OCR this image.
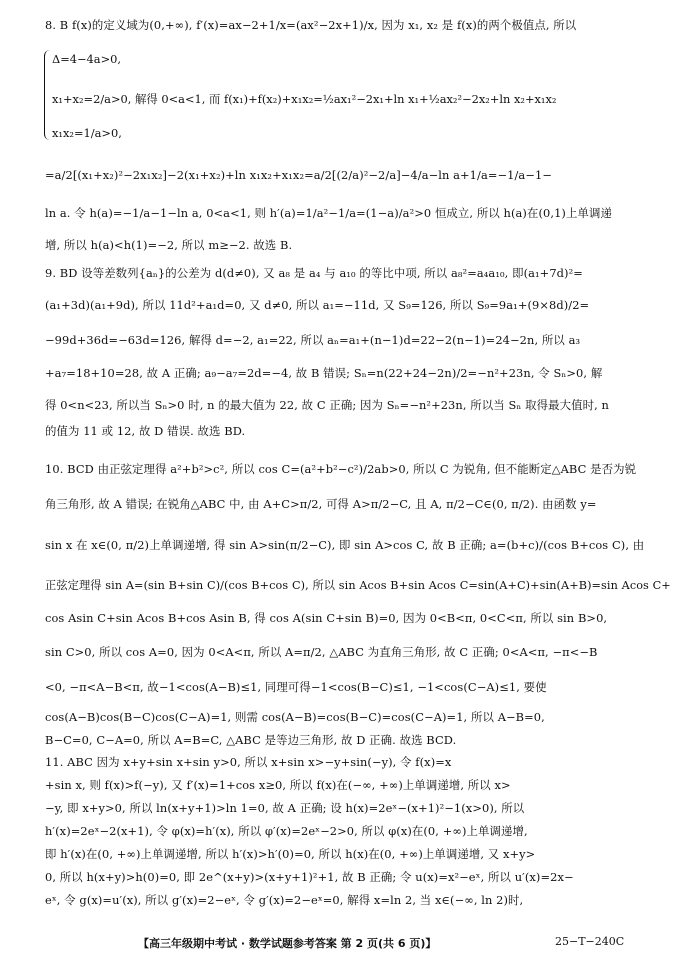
8. B f(x)的定义域为(0,+∞), f′(x)=ax−2+1/x=(ax²−2x+1)/x, 因为 x₁, x₂ 是 f(x)的两个极值点, 所以
=a/2[(x₁+x₂)²−2x₁x₂]−2(x₁+x₂)+ln x₁x₂+x₁x₂=a/2[(2/a)²−2/a]−4/a−ln a+1/a=−1/a−1−
ln a. 令 h(a)=−1/a−1−ln a, 0<a<1, 则 h′(a)=1/a²−1/a=(1−a)/a²>0 恒成立, 所以 h(a)在(0,1)上单调递
增, 所以 h(a)<h(1)=−2, 所以 m≥−2. 故选 B.
9. BD 设等差数列{aₙ}的公差为 d(d≠0), 又 a₈ 是 a₄ 与 a₁₀ 的等比中项, 所以 a₈²=a₄a₁₀, 即(a₁+7d)²=
(a₁+3d)(a₁+9d), 所以 11d²+a₁d=0, 又 d≠0, 所以 a₁=−11d, 又 S₉=126, 所以 S₉=9a₁+(9×8d)/2=
−99d+36d=−63d=126, 解得 d=−2, a₁=22, 所以 aₙ=a₁+(n−1)d=22−2(n−1)=24−2n, 所以 a₃
+a₇=18+10=28, 故 A 正确; a₉−a₇=2d=−4, 故 B 错误; Sₙ=n(22+24−2n)/2=−n²+23n, 令 Sₙ>0, 解
得 0<n<23, 所以当 Sₙ>0 时, n 的最大值为 22, 故 C 正确; 因为 Sₙ=−n²+23n, 所以当 Sₙ 取得最大值时, n
的值为 11 或 12, 故 D 错误. 故选 BD.
10. BCD 由正弦定理得 a²+b²>c², 所以 cos C=(a²+b²−c²)/2ab>0, 所以 C 为锐角, 但不能断定△ABC 是否为锐
角三角形, 故 A 错误; 在锐角△ABC 中, 由 A+C>π/2, 可得 A>π/2−C, 且 A, π/2−C∈(0, π/2). 由函数 y=
sin x 在 x∈(0, π/2)上单调递增, 得 sin A>sin(π/2−C), 即 sin A>cos C, 故 B 正确; a=(b+c)/(cos B+cos C), 由
正弦定理得 sin A=(sin B+sin C)/(cos B+cos C), 所以 sin Acos B+sin Acos C=sin(A+C)+sin(A+B)=sin Acos C+
cos Asin C+sin Acos B+cos Asin B, 得 cos A(sin C+sin B)=0, 因为 0<B<π, 0<C<π, 所以 sin B>0,
sin C>0, 所以 cos A=0, 因为 0<A<π, 所以 A=π/2, △ABC 为直角三角形, 故 C 正确; 0<A<π, −π<−B
<0, −π<A−B<π, 故−1<cos(A−B)≤1, 同理可得−1<cos(B−C)≤1, −1<cos(C−A)≤1, 要使
cos(A−B)cos(B−C)cos(C−A)=1, 则需 cos(A−B)=cos(B−C)=cos(C−A)=1, 所以 A−B=0,
B−C=0, C−A=0, 所以 A=B=C, △ABC 是等边三角形, 故 D 正确. 故选 BCD.
11. ABC 因为 x+y+sin x+sin y>0, 所以 x+sin x>−y+sin(−y), 令 f(x)=x
+sin x, 则 f(x)>f(−y), 又 f′(x)=1+cos x≥0, 所以 f(x)在(−∞, +∞)上单调递增, 所以 x>
−y, 即 x+y>0, 所以 ln(x+y+1)>ln 1=0, 故 A 正确; 设 h(x)=2eˣ−(x+1)²−1(x>0), 所以
h′(x)=2eˣ−2(x+1), 令 φ(x)=h′(x), 所以 φ′(x)=2eˣ−2>0, 所以 φ(x)在(0, +∞)上单调递增,
即 h′(x)在(0, +∞)上单调递增, 所以 h′(x)>h′(0)=0, 所以 h(x)在(0, +∞)上单调递增, 又 x+y>
0, 所以 h(x+y)>h(0)=0, 即 2e^(x+y)>(x+y+1)²+1, 故 B 正确; 令 u(x)=x²−eˣ, 所以 u′(x)=2x−
eˣ, 令 g(x)=u′(x), 所以 g′(x)=2−eˣ, 令 g′(x)=2−eˣ=0, 解得 x=ln 2, 当 x∈(−∞, ln 2)时,
Δ=4−4a>0,
x₁+x₂=2/a>0, 解得 0<a<1, 而 f(x₁)+f(x₂)+x₁x₂=½ax₁²−2x₁+ln x₁+½ax₂²−2x₂+ln x₂+x₁x₂
x₁x₂=1/a>0,
【高三年级期中考试 · 数学试题参考答案 第 2 页(共 6 页)】	25−T−240C
